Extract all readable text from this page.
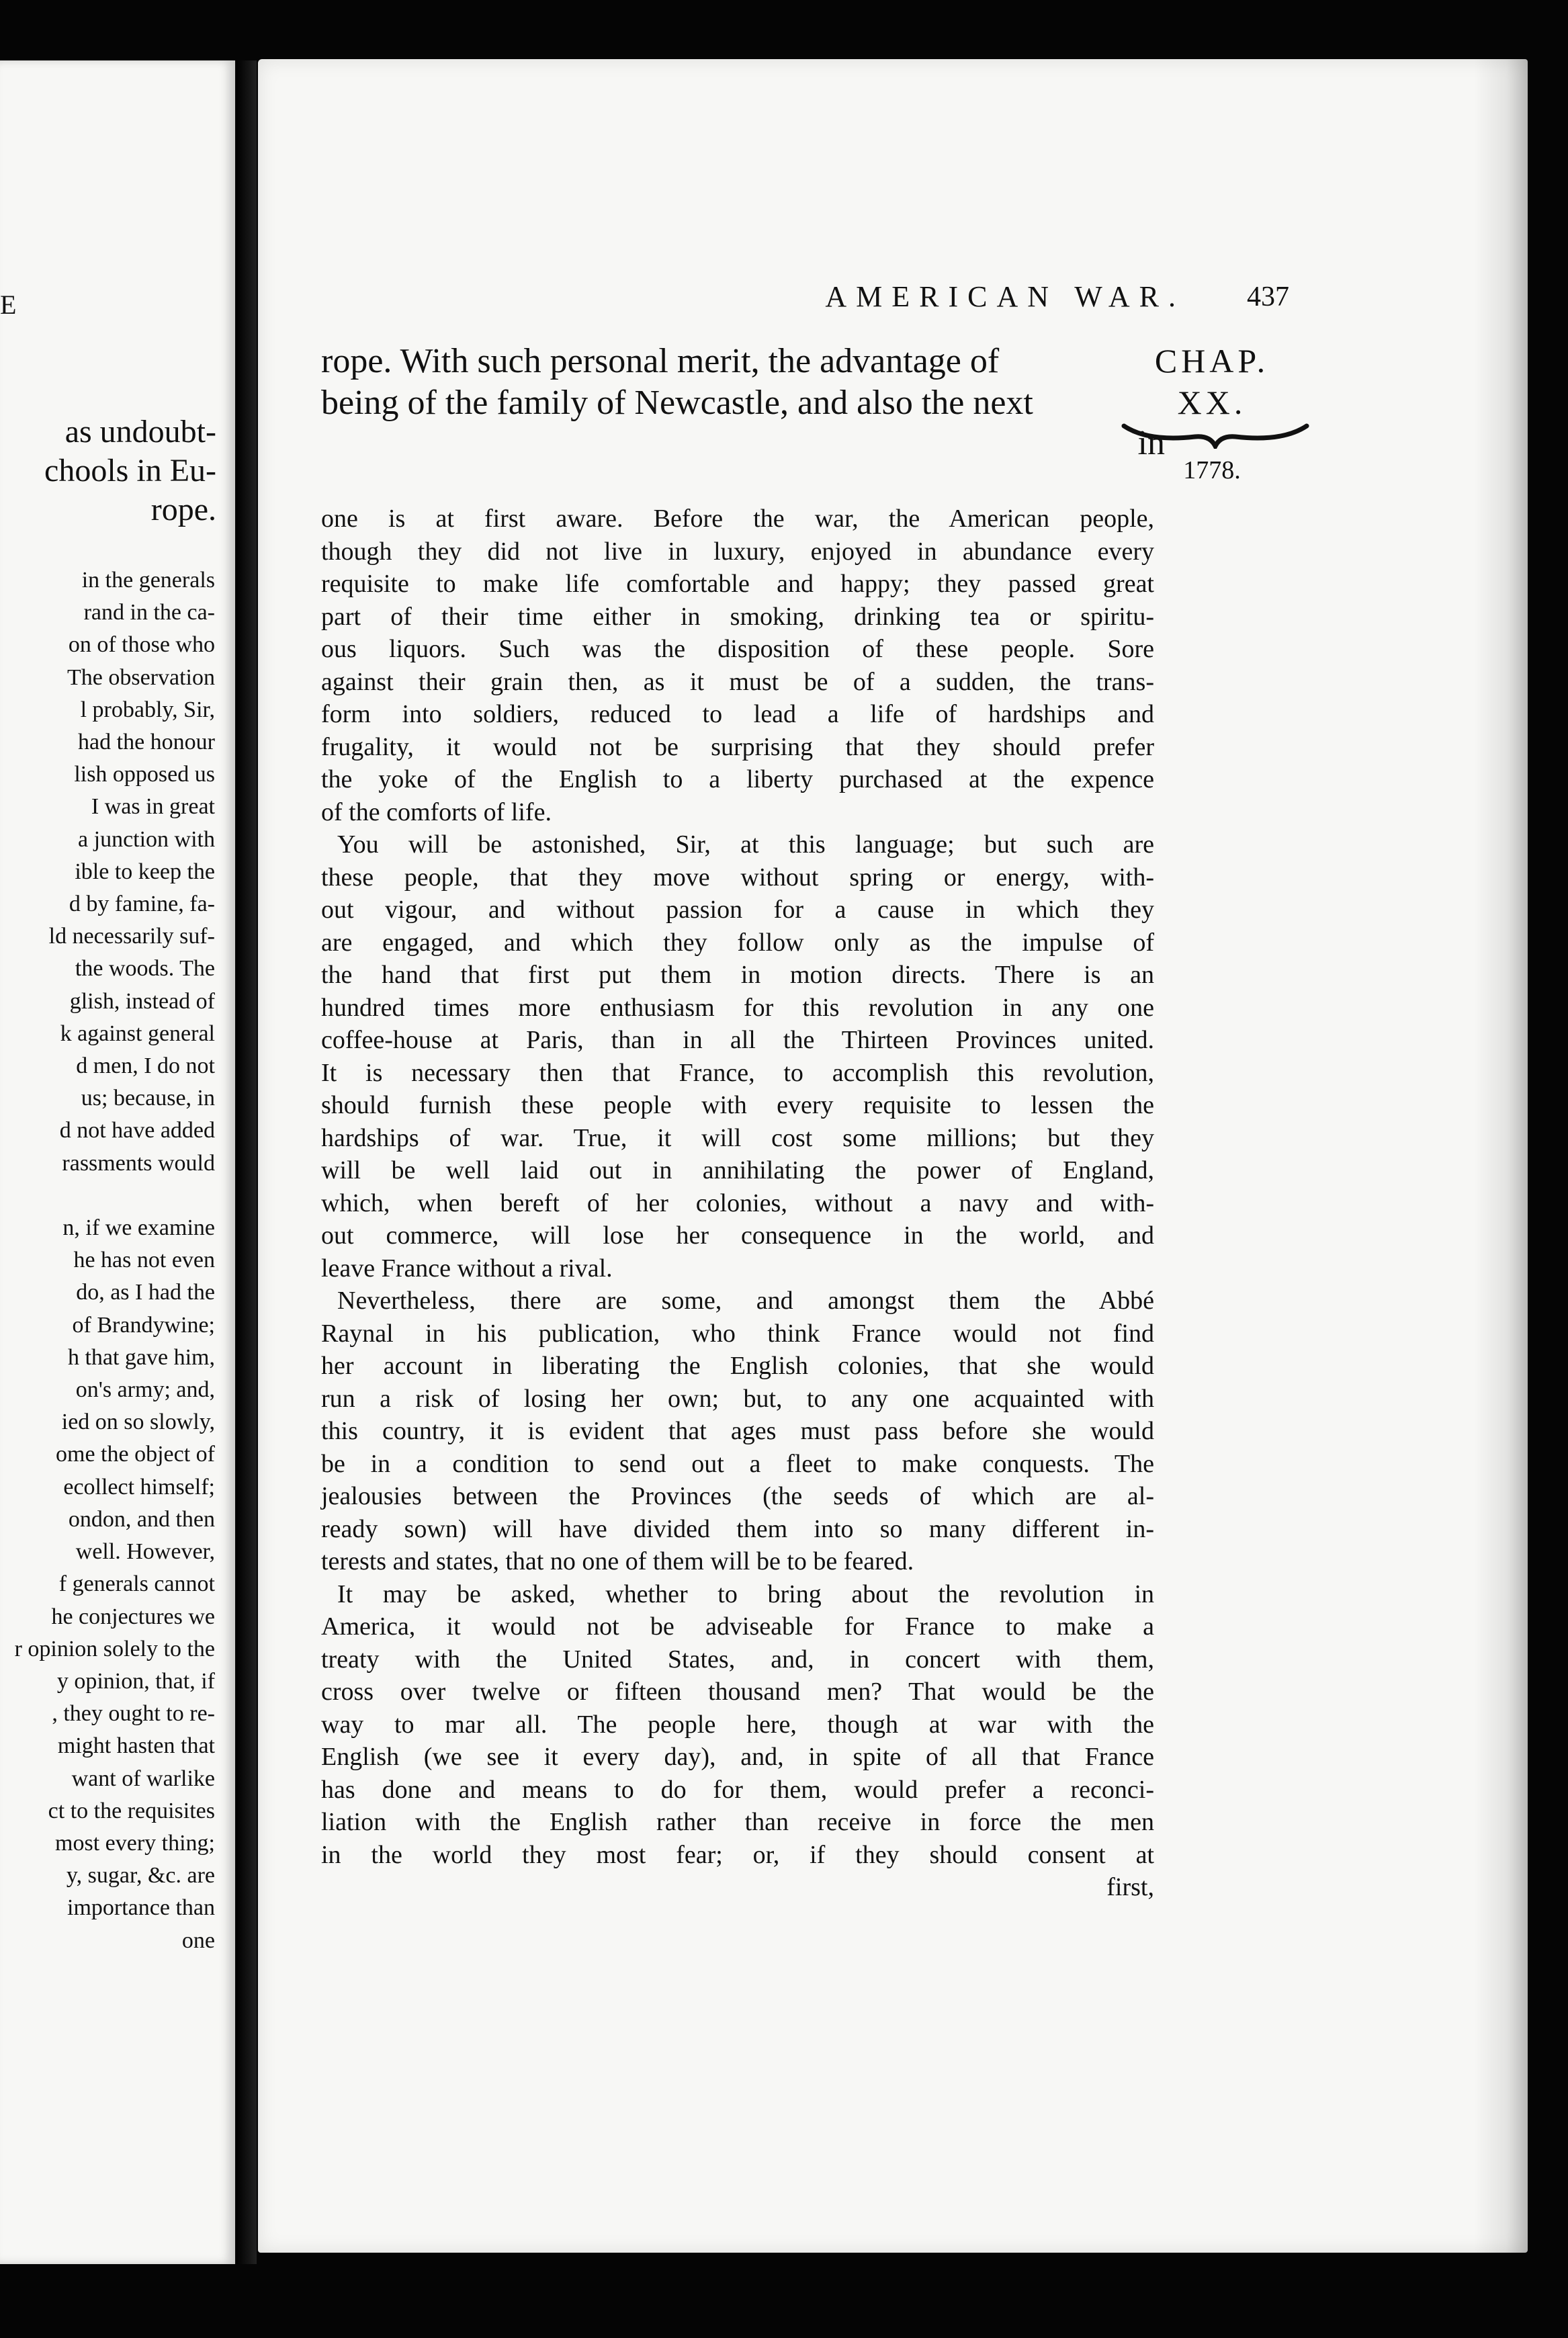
E
as undoubt-
chools in Eu-
rope.
in the generals
rand in the ca-
on of those who
The observation
l probably, Sir,
had the honour
lish opposed us
I was in great
a junction with
ible to keep the
d by famine, fa-
ld necessarily suf-
the woods. The
glish, instead of
k against general
d men, I do not
us; because, in
d not have added
rassments would

n, if we examine
he has not even
do, as I had the
of Brandywine;
h that gave him,
on's army; and,
ied on so slowly,
ome the object of
ecollect himself;
ondon, and then
well. However,
f generals cannot
he conjectures we
r opinion solely to the
y opinion, that, if
, they ought to re-
might hasten that
want of warlike
ct to the requisites
most every thing;
y, sugar, &c. are
importance than
one
AMERICAN WAR.	437
rope. With such personal merit, the advantage of
being of the family of Newcastle, and also the next
in
CHAP.
XX.
1778.
one is at first aware. Before the war, the American people,
though they did not live in luxury, enjoyed in abundance every
requisite to make life comfortable and happy; they passed great
part of their time either in smoking, drinking tea or spiritu-
ous liquors. Such was the disposition of these people. Sore
against their grain then, as it must be of a sudden, the trans-
form into soldiers, reduced to lead a life of hardships and
frugality, it would not be surprising that they should prefer
the yoke of the English to a liberty purchased at the expence
of the comforts of life.
You will be astonished, Sir, at this language; but such are
these people, that they move without spring or energy, with-
out vigour, and without passion for a cause in which they
are engaged, and which they follow only as the impulse of
the hand that first put them in motion directs. There is an
hundred times more enthusiasm for this revolution in any one
coffee-house at Paris, than in all the Thirteen Provinces united.
It is necessary then that France, to accomplish this revolution,
should furnish these people with every requisite to lessen the
hardships of war. True, it will cost some millions; but they
will be well laid out in annihilating the power of England,
which, when bereft of her colonies, without a navy and with-
out commerce, will lose her consequence in the world, and
leave France without a rival.
Nevertheless, there are some, and amongst them the Abbé
Raynal in his publication, who think France would not find
her account in liberating the English colonies, that she would
run a risk of losing her own; but, to any one acquainted with
this country, it is evident that ages must pass before she would
be in a condition to send out a fleet to make conquests. The
jealousies between the Provinces (the seeds of which are al-
ready sown) will have divided them into so many different in-
terests and states, that no one of them will be to be feared.
It may be asked, whether to bring about the revolution in
America, it would not be adviseable for France to make a
treaty with the United States, and, in concert with them,
cross over twelve or fifteen thousand men? That would be the
way to mar all. The people here, though at war with the
English (we see it every day), and, in spite of all that France
has done and means to do for them, would prefer a reconci-
liation with the English rather than receive in force the men
in the world they most fear; or, if they should consent at
first,
